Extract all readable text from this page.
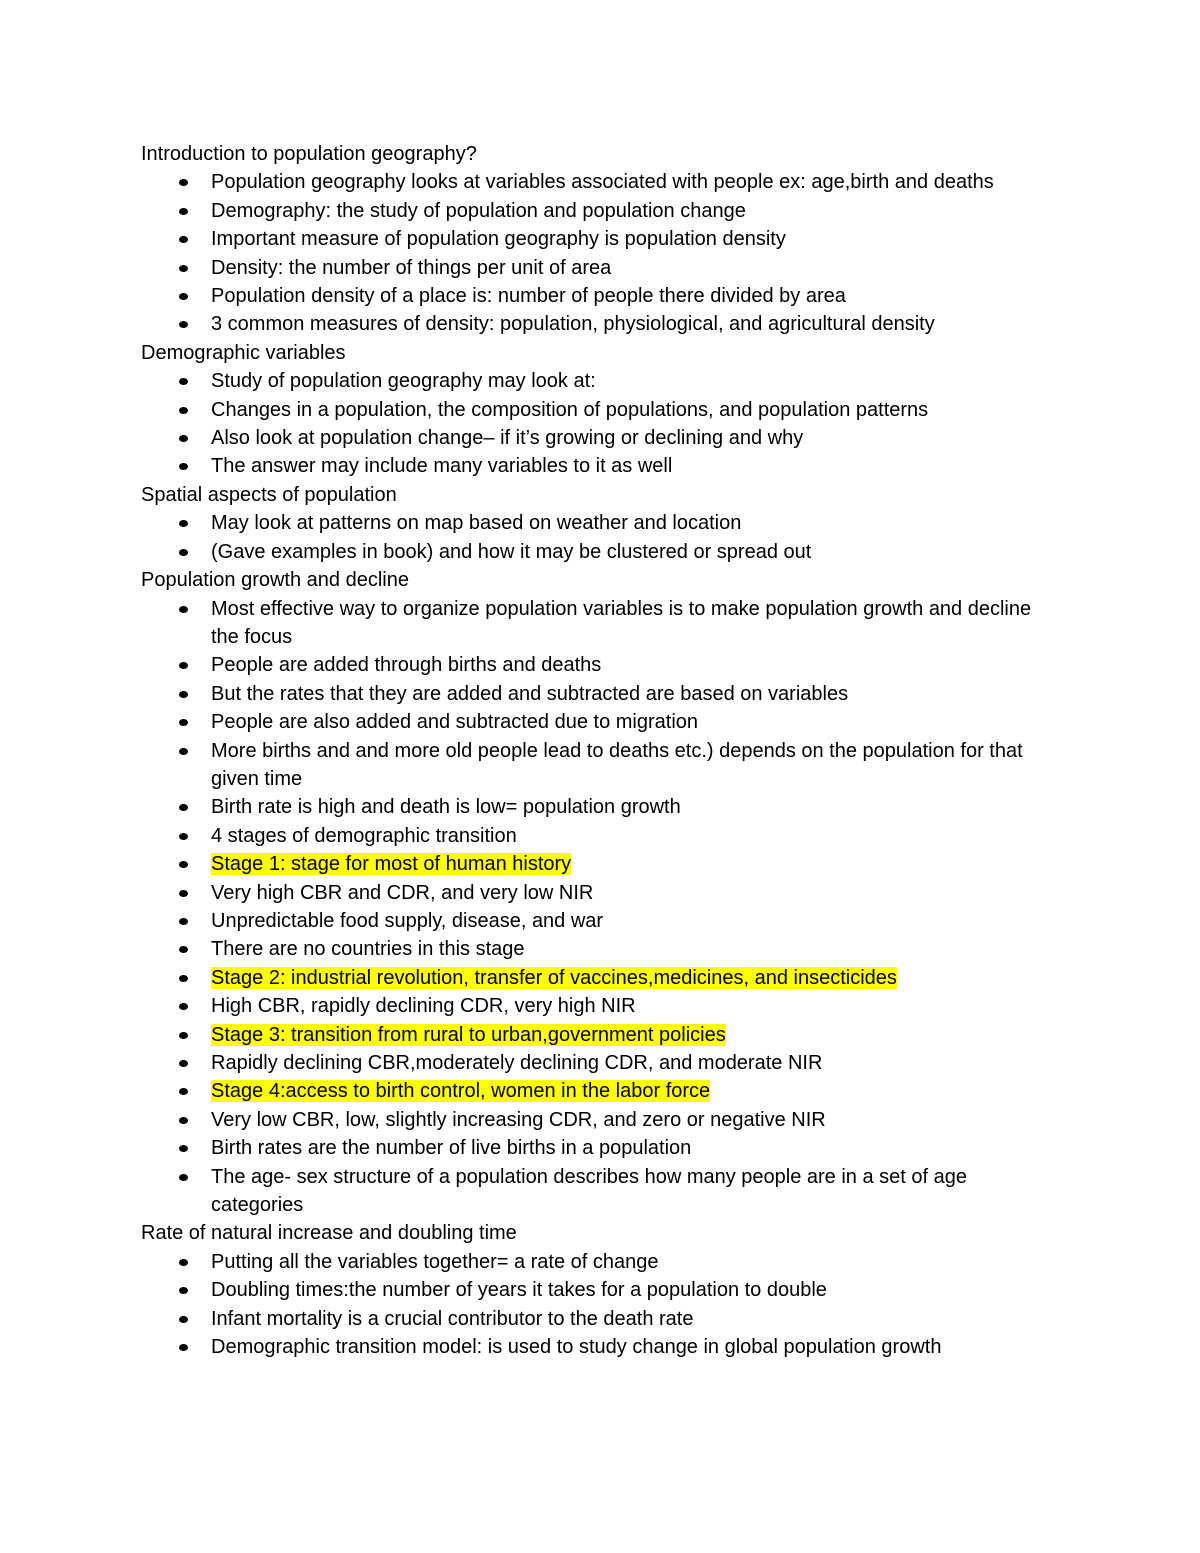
Introduction to population geography?
Population geography looks at variables associated with people ex: age,birth and deaths
Demography: the study of population and population change
Important measure of population geography is population density
Density: the number of things per unit of area
Population density of a place is: number of people there divided by area
3 common measures of density: population, physiological, and agricultural density
Demographic variables
Study of population geography may look at:
Changes in a population, the composition of populations, and population patterns
Also look at population change– if it’s growing or declining and why
The answer may include many variables to it as well
Spatial aspects of population
May look at patterns on map based on weather and location
(Gave examples in book) and how it may be clustered or spread out
Population growth and decline
Most effective way to organize population variables is to make population growth and decline the focus
People are added through births and deaths
But the rates that they are added and subtracted are based on variables
People are also added and subtracted due to migration
More births and and more old people lead to deaths etc.) depends on the population for that given time
Birth rate is high and death is low= population growth
4 stages of demographic transition
Stage 1: stage for most of human history
Very high CBR and CDR, and very low NIR
Unpredictable food supply, disease, and war
There are no countries in this stage
Stage 2: industrial revolution, transfer of vaccines,medicines, and insecticides
High CBR, rapidly declining CDR, very high NIR
Stage 3: transition from rural to urban,government policies
Rapidly declining CBR,moderately declining CDR, and moderate NIR
Stage 4:access to birth control, women in the labor force
Very low CBR, low, slightly increasing CDR, and zero or negative NIR
Birth rates are the number of live births in a population
The age- sex structure of a population describes how many people are in a set of age categories
Rate of natural increase and doubling time
Putting all the variables together= a rate of change
Doubling times:the number of years it takes for a population to double
Infant mortality is a crucial contributor to the death rate
Demographic transition model: is used to study change in global population growth
